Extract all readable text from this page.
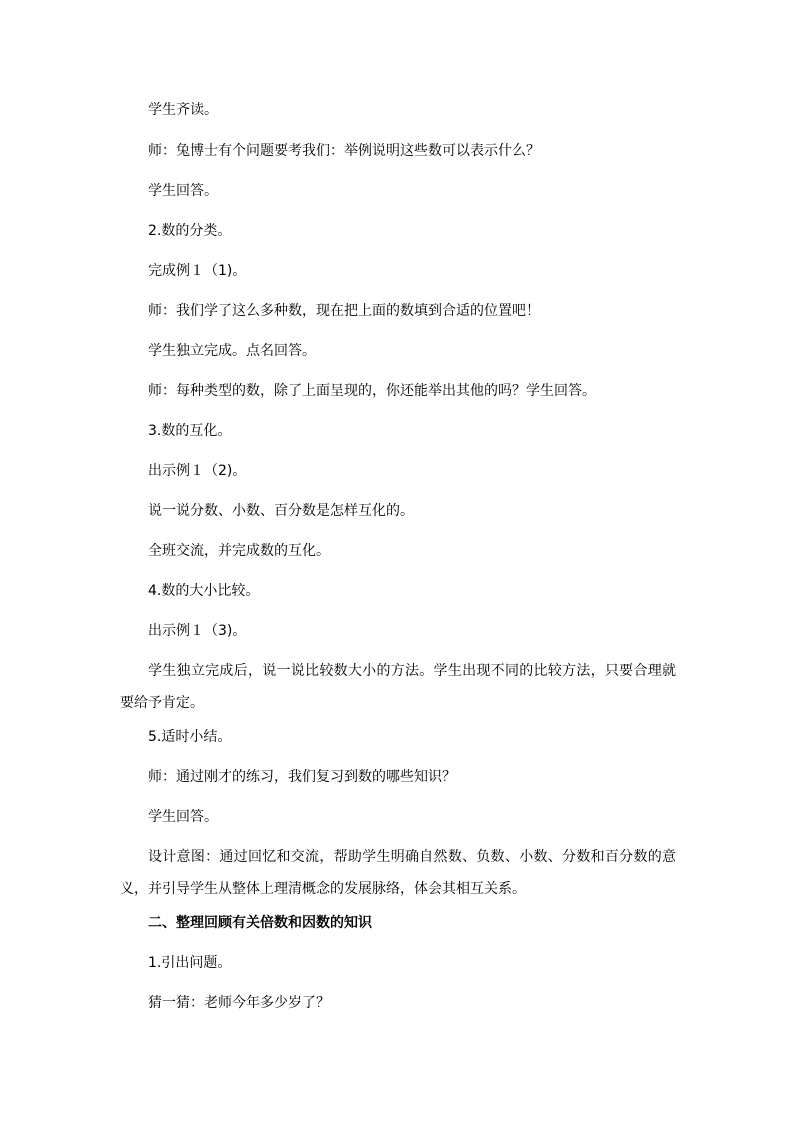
学生齐读。
师：兔博士有个问题要考我们：举例说明这些数可以表示什么？
学生回答。
2.数的分类。
完成例１（1)。
师：我们学了这么多种数，现在把上面的数填到合适的位置吧！
学生独立完成。点名回答。
师：每种类型的数，除了上面呈现的，你还能举出其他的吗？学生回答。
3.数的互化。
出示例１（2)。
说一说分数、小数、百分数是怎样互化的。
全班交流，并完成数的互化。
4.数的大小比较。
出示例１（3)。
学生独立完成后，说一说比较数大小的方法。学生出现不同的比较方法，只要合理就要给予肯定。
5.适时小结。
师：通过刚才的练习，我们复习到数的哪些知识？
学生回答。
设计意图：通过回忆和交流，帮助学生明确自然数、负数、小数、分数和百分数的意义，并引导学生从整体上理清概念的发展脉络，体会其相互关系。
二、整理回顾有关倍数和因数的知识
1.引出问题。
猜一猜：老师今年多少岁了？
